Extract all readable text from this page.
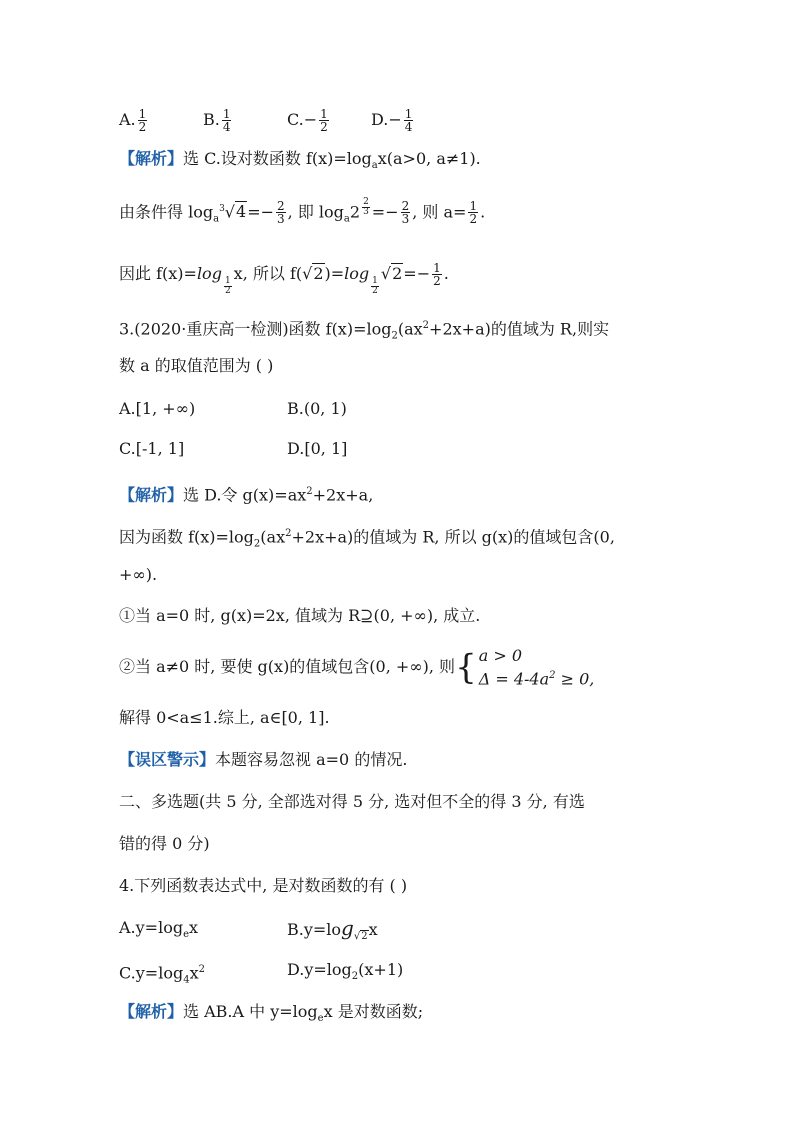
A. $\frac{1}{2}$	B. $\frac{1}{4}$	$C.- \frac{1}{2}$	$D.- \frac{1}{4}$
【解析】选 C.设对数函数 $f(x)=\log_ax(a>0$, a≠1).
由条件得 $\log_a^3√4=- \frac{2}{3}$ , 即 $\log_a2 \frac{2}{3} =- \frac{2}{3}$ , 则 $a= \frac{1}{2}$ .
因此 f(x)=log
$\frac{1}{2}$
x, 所以 f(√2)=log
$\frac{1}{2}$
$√2=- \frac{1}{2}$ .
3.(2020·重庆高一检测)函数 $f(x)=\log_2(ax^2+2x+a)$的值域为 R,则实
数 a 的取值范围为 ( )
A.[1, +∞)	B.(0, 1)
C.[-1, 1]	D.[0, 1]
【解析】选 D.令 $g(x)=ax^2+2x+a$,
因为函数 $f(x)=\log_2(ax^2+2x+a)$的值域为 R, 所以 g(x)的值域包含(0,
+∞).
①当 a=0 时, g(x)=2x, 值域为 R⊇(0, +∞), 成立.
②当 a≠0 时, 要使 g(x)的值域包含(0, +∞), 则{ a > 0
$\Delta = 4-4a^2 \ge 0$,
解得 0<a≤1.综上, a∈[0, 1].
【误区警示】本题容易忽视 a=0 的情况.
二、多选题(共 5 分, 全部选对得 5 分, 选对但不全的得 3 分, 有选
错的得 0 分)
4.下列函数表达式中, 是对数函数的有 ( )
$A.y=\log_ex$	$B.y=\log_{√2}x$
$C.y=\log_4x^2$	$D.y=\log_2(x+1)$
【解析】选 AB.A 中 $y=\log_ex$ 是对数函数;
